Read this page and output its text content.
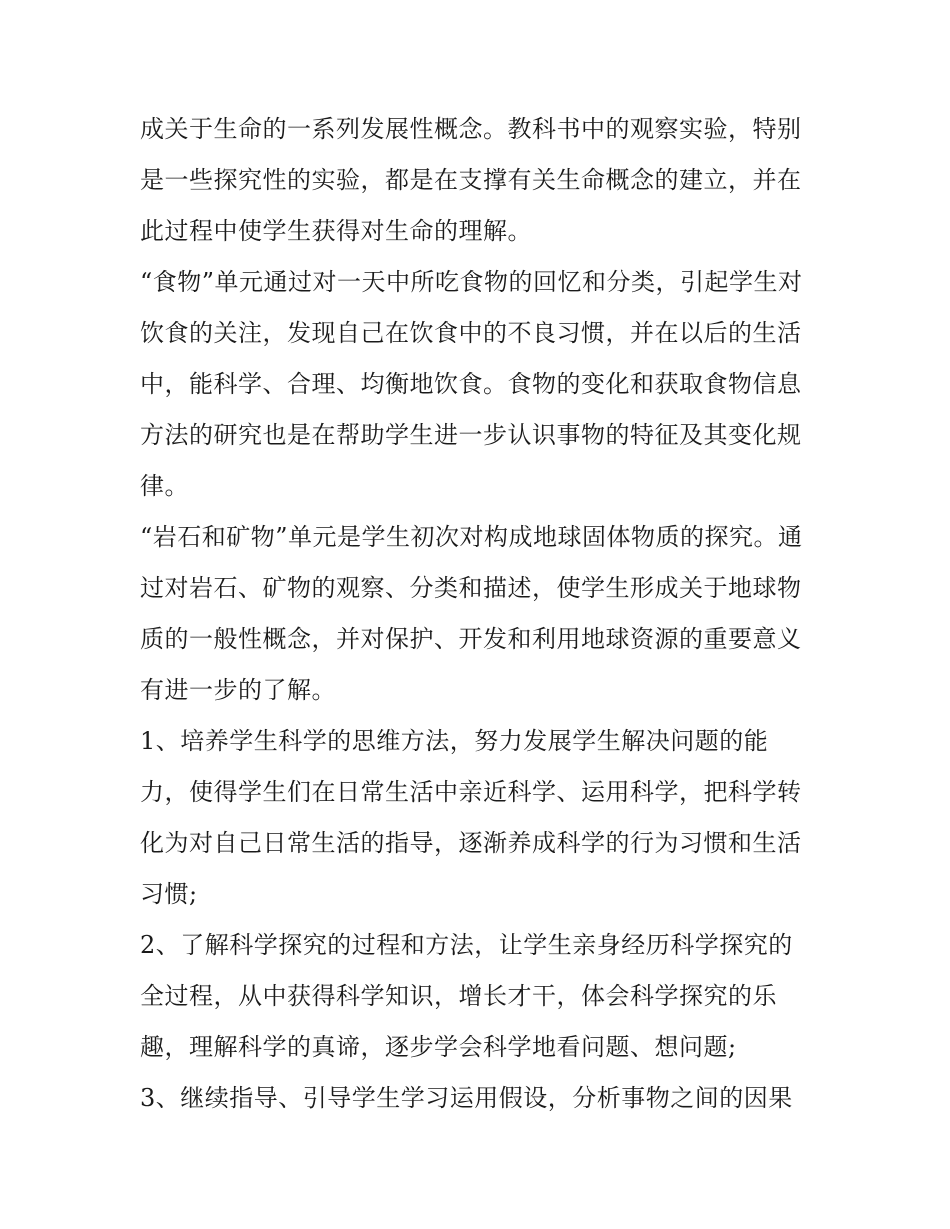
成关于生命的一系列发展性概念。教科书中的观察实验，特别
是一些探究性的实验，都是在支撑有关生命概念的建立，并在
此过程中使学生获得对生命的理解。

“食物”单元通过对一天中所吃食物的回忆和分类，引起学生对
饮食的关注，发现自己在饮食中的不良习惯，并在以后的生活
中，能科学、合理、均衡地饮食。食物的变化和获取食物信息
方法的研究也是在帮助学生进一步认识事物的特征及其变化规
律。

“岩石和矿物”单元是学生初次对构成地球固体物质的探究。通
过对岩石、矿物的观察、分类和描述，使学生形成关于地球物
质的一般性概念，并对保护、开发和利用地球资源的重要意义
有进一步的了解。

1、培养学生科学的思维方法，努力发展学生解决问题的能
力，使得学生们在日常生活中亲近科学、运用科学，把科学转
化为对自己日常生活的指导，逐渐养成科学的行为习惯和生活
习惯;

2、了解科学探究的过程和方法，让学生亲身经历科学探究的
全过程，从中获得科学知识，增长才干，体会科学探究的乐
趣，理解科学的真谛，逐步学会科学地看问题、想问题;

3、继续指导、引导学生学习运用假设，分析事物之间的因果
